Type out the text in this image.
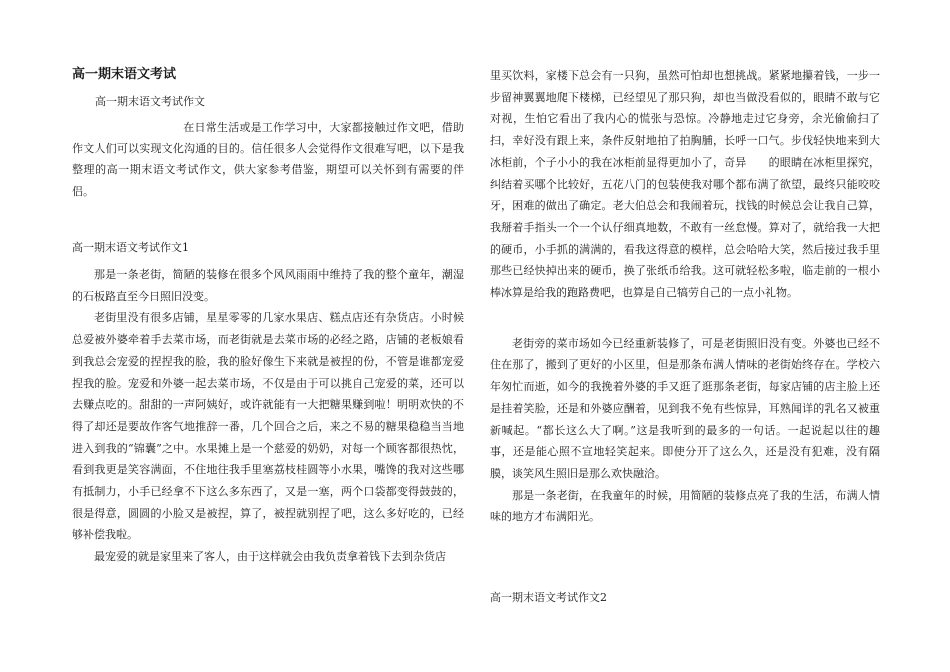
高一期末语文考试
高一期末语文考试作文

在日常生活或是工作学习中，大家都接触过作文吧，借助作文人们可以实现文化沟通的目的。信任很多人会觉得作文很难写吧，以下是我整理的高一期末语文考试作文，供大家参考借鉴，期望可以关怀到有需要的伴侣。

高一期末语文考试作文1

那是一条老街，简陋的装修在很多个风风雨雨中维持了我的整个童年，潮湿的石板路直至今日照旧没变。

老街里没有很多店铺，星星零零的几家水果店、糕点店还有杂货店。小时候总爱被外婆牵着手去菜市场，而老街就是去菜市场的必经之路，店铺的老板娘看到我总会宠爱的捏捏我的脸，我的脸好像生下来就是被捏的份，不管是谁都宠爱捏我的脸。宠爱和外婆一起去菜市场，不仅是由于可以挑自己宠爱的菜，还可以去赚点吃的。甜甜的一声阿姨好，或许就能有一大把糖果赚到啦！明明欢快的不得了却还是要故作客气地推辞一番，几个回合之后，来之不易的糖果稳稳当当地进入到我的“锦囊”之中。水果摊上是一个慈爱的奶奶，对每一个顾客都很热忱，看到我更是笑容满面，不住地往我手里塞荔枝桂圆等小水果，嘴馋的我对这些哪有抵制力，小手已经拿不下这么多东西了，又是一塞，两个口袋都变得鼓鼓的，很是得意，圆圆的小脸又是被捏，算了，被捏就别捏了吧，这么多好吃的，已经够补偿我啦。

最宠爱的就是家里来了客人，由于这样就会由我负责拿着钱下去到杂货店

里买饮料，家楼下总会有一只狗，虽然可怕却也想挑战。紧紧地攥着钱，一步一步留神翼翼地爬下楼梯，已经望见了那只狗，却也当做没看似的，眼睛不敢与它对视，生怕它看出了我内心的慌张与恐惊。冷静地走过它身旁，余光偷偷扫了扫，幸好没有跟上来，条件反射地拍了拍胸脯，长呼一口气。步伐轻快地来到大冰柜前，个子小小的我在冰柜前显得更加小了，奇异　　的眼睛在冰柜里探究，纠结着买哪个比较好，五花八门的包装使我对哪个都布满了欲望，最终只能咬咬牙，困难的做出了确定。老大伯总会和我闹着玩，找钱的时候总会让我自己算，我掰着手指头一个一个认仔细真地数，不敢有一丝怠慢。算对了，就给我一大把的硬币，小手抓的满满的，看我这得意的模样，总会哈哈大笑，然后接过我手里那些已经快掉出来的硬币，换了张纸币给我。这可就轻松多啦，临走前的一根小棒冰算是给我的跑路费吧，也算是自己犒劳自己的一点小礼物。

老街旁的菜市场如今已经重新装修了，可是老街照旧没有变。外婆也已经不住在那了，搬到了更好的小区里，但是那条布满人情味的老街始终存在。学校六年匆忙而逝，如今的我挽着外婆的手又逛了逛那条老街，每家店铺的店主脸上还是挂着笑脸，还是和外婆应酬着，见到我不免有些惊异，耳熟闻详的乳名又被重新喊起。“都长这么大了啊。”这是我听到的最多的一句话。一起说起以往的趣事，还是能心照不宣地轻笑起来。即使分开了这么久，还是没有犯难，没有隔膜，谈笑风生照旧是那么欢快融洽。

那是一条老街，在我童年的时候，用简陋的装修点亮了我的生活，布满人情味的地方才布满阳光。

高一期末语文考试作文2
